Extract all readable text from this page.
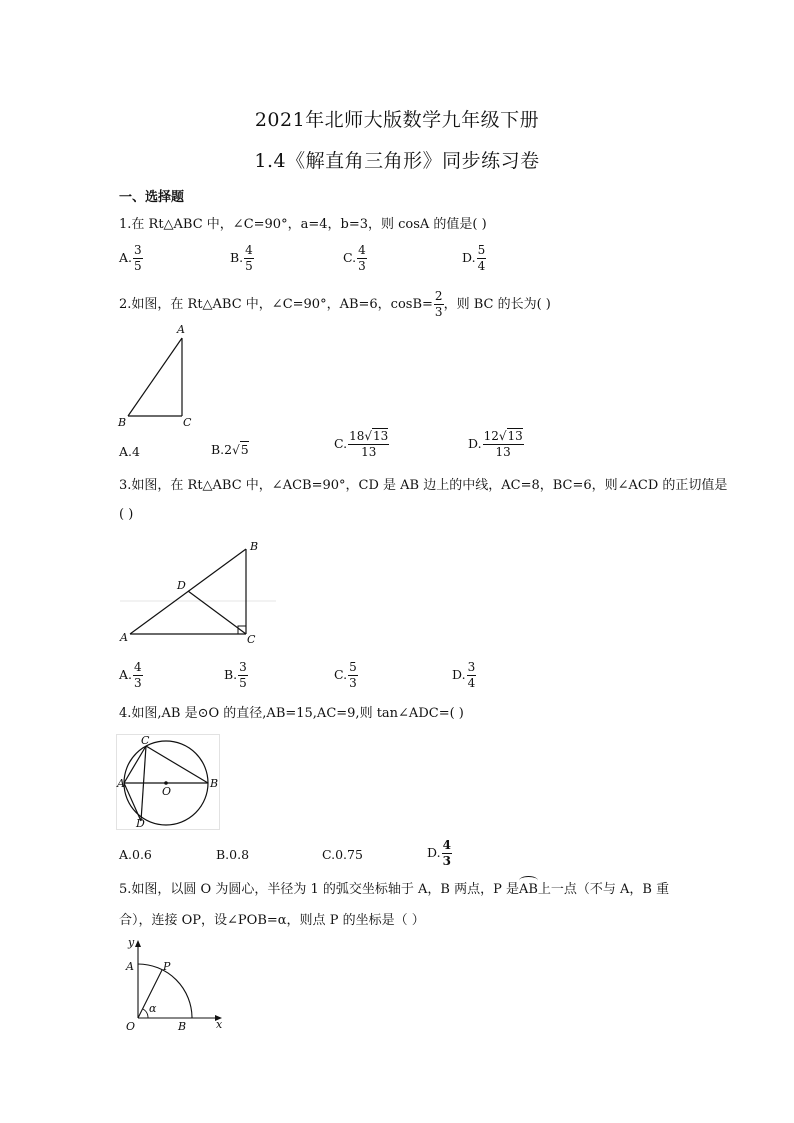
2021年北师大版数学九年级下册
1.4《解直角三角形》同步练习卷
一、选择题
1.在 Rt△ABC 中，∠C=90°，a=4，b=3，则 cosA 的值是( )
A. $\frac{3}{5}$	B. $\frac{4}{5}$	C. $\frac{4}{3}$	D. $\frac{5}{4}$
2.如图，在 Rt△ABC 中，∠C=90°，AB=6，$\cos B= \frac{2}{3}$ ，则 BC 的长为( )
A
B	C
A.4	B.2√5	C. $\frac{18√13}{13}$	D. $\frac{12√13}{13}$
3.如图，在 Rt△ABC 中，∠ACB=90°，CD 是 AB 边上的中线，AC=8，BC=6，则∠ACD 的正切值是
( )
B
D
A	C
A. $\frac{4}{3}$	B. $\frac{3}{5}$	C. $\frac{5}{3}$	D. $\frac{3}{4}$
4.如图,AB 是⊙O 的直径,AB=15,AC=9,则 tan∠ADC=( )
C
A	B
O
D
A.0.6	B.0.8	C.0.75	D. $\frac{4}{3}$
5.如图，以圆 O 为圆心，半径为 1 的弧交坐标轴于 A，B 两点，P 是AB上一点（不与 A，B 重
合），连接 OP，设∠POB=α，则点 P 的坐标是（ ）
y
x
A	P
O	B
α
